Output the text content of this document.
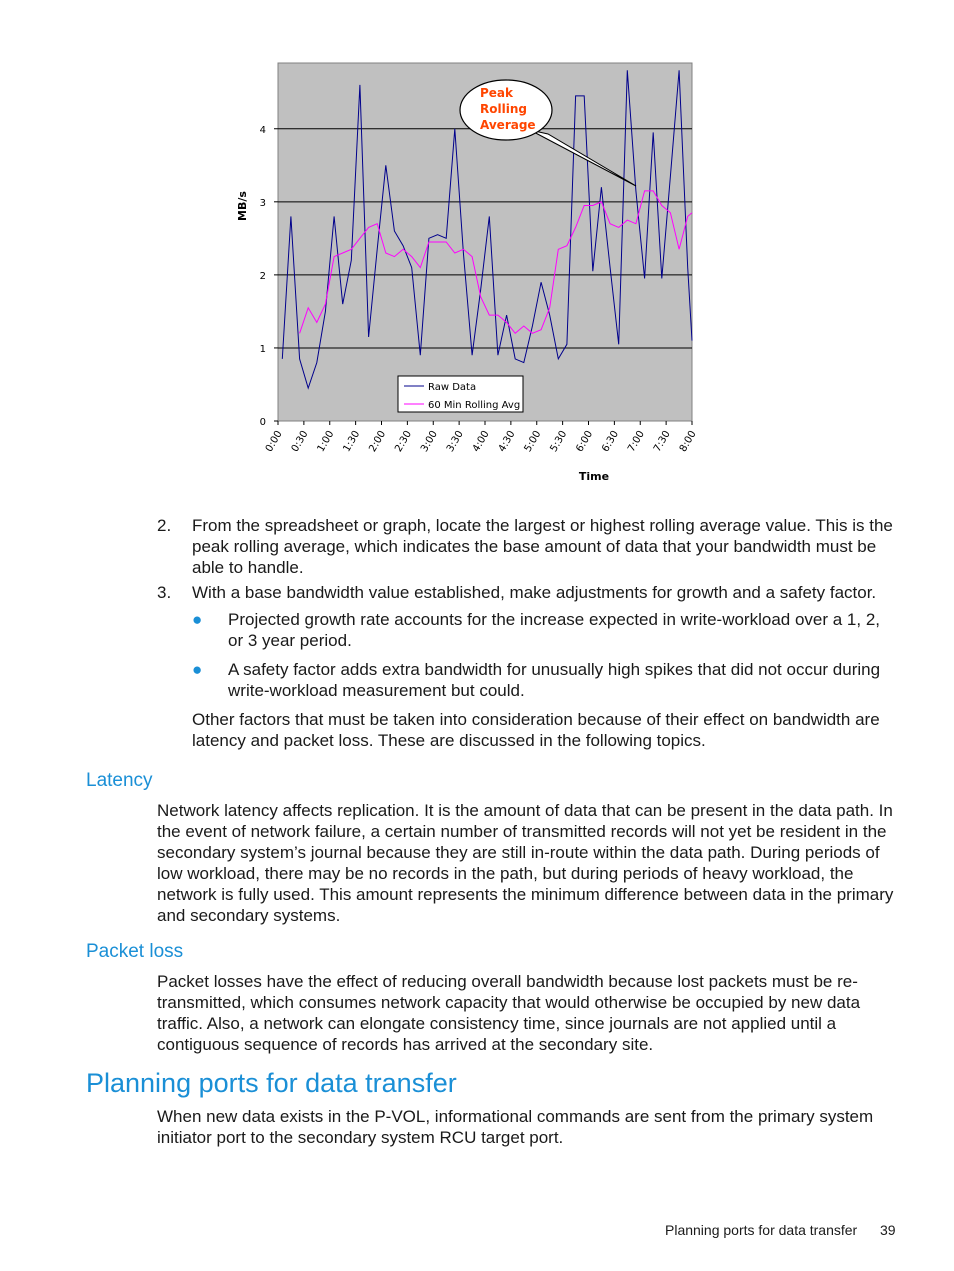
0
1
2
3
4
0:00 0:30 1:00 1:30 2:00 2:30 3:00 3:30 4:00 4:30 5:00 5:30 6:00 6:30 7:00 7:30 8:00
MB/s
Time
Raw Data
60 Min Rolling Avg
Peak
Rolling
Average
2.	From the spreadsheet or graph, locate the largest or highest rolling average value. This is the peak rolling average, which indicates the base amount of data that your bandwidth must be able to handle.
3.	With a base bandwidth value established, make adjustments for growth and a safety factor.
●	Projected growth rate accounts for the increase expected in write-workload over a 1, 2, or 3 year period.
●	A safety factor adds extra bandwidth for unusually high spikes that did not occur during write-workload measurement but could.
Other factors that must be taken into consideration because of their effect on bandwidth are latency and packet loss. These are discussed in the following topics.
Latency
Network latency affects replication. It is the amount of data that can be present in the data path. In the event of network failure, a certain number of transmitted records will not yet be resident in the secondary system’s journal because they are still in-route within the data path. During periods of low workload, there may be no records in the path, but during periods of heavy workload, the network is fully used. This amount represents the minimum difference between data in the primary and secondary systems.
Packet loss
Packet losses have the effect of reducing overall bandwidth because lost packets must be re-transmitted, which consumes network capacity that would otherwise be occupied by new data traffic. Also, a network can elongate consistency time, since journals are not applied until a contiguous sequence of records has arrived at the secondary site.
Planning ports for data transfer
When new data exists in the P-VOL, informational commands are sent from the primary system initiator port to the secondary system RCU target port.
Planning ports for data transfer 39
